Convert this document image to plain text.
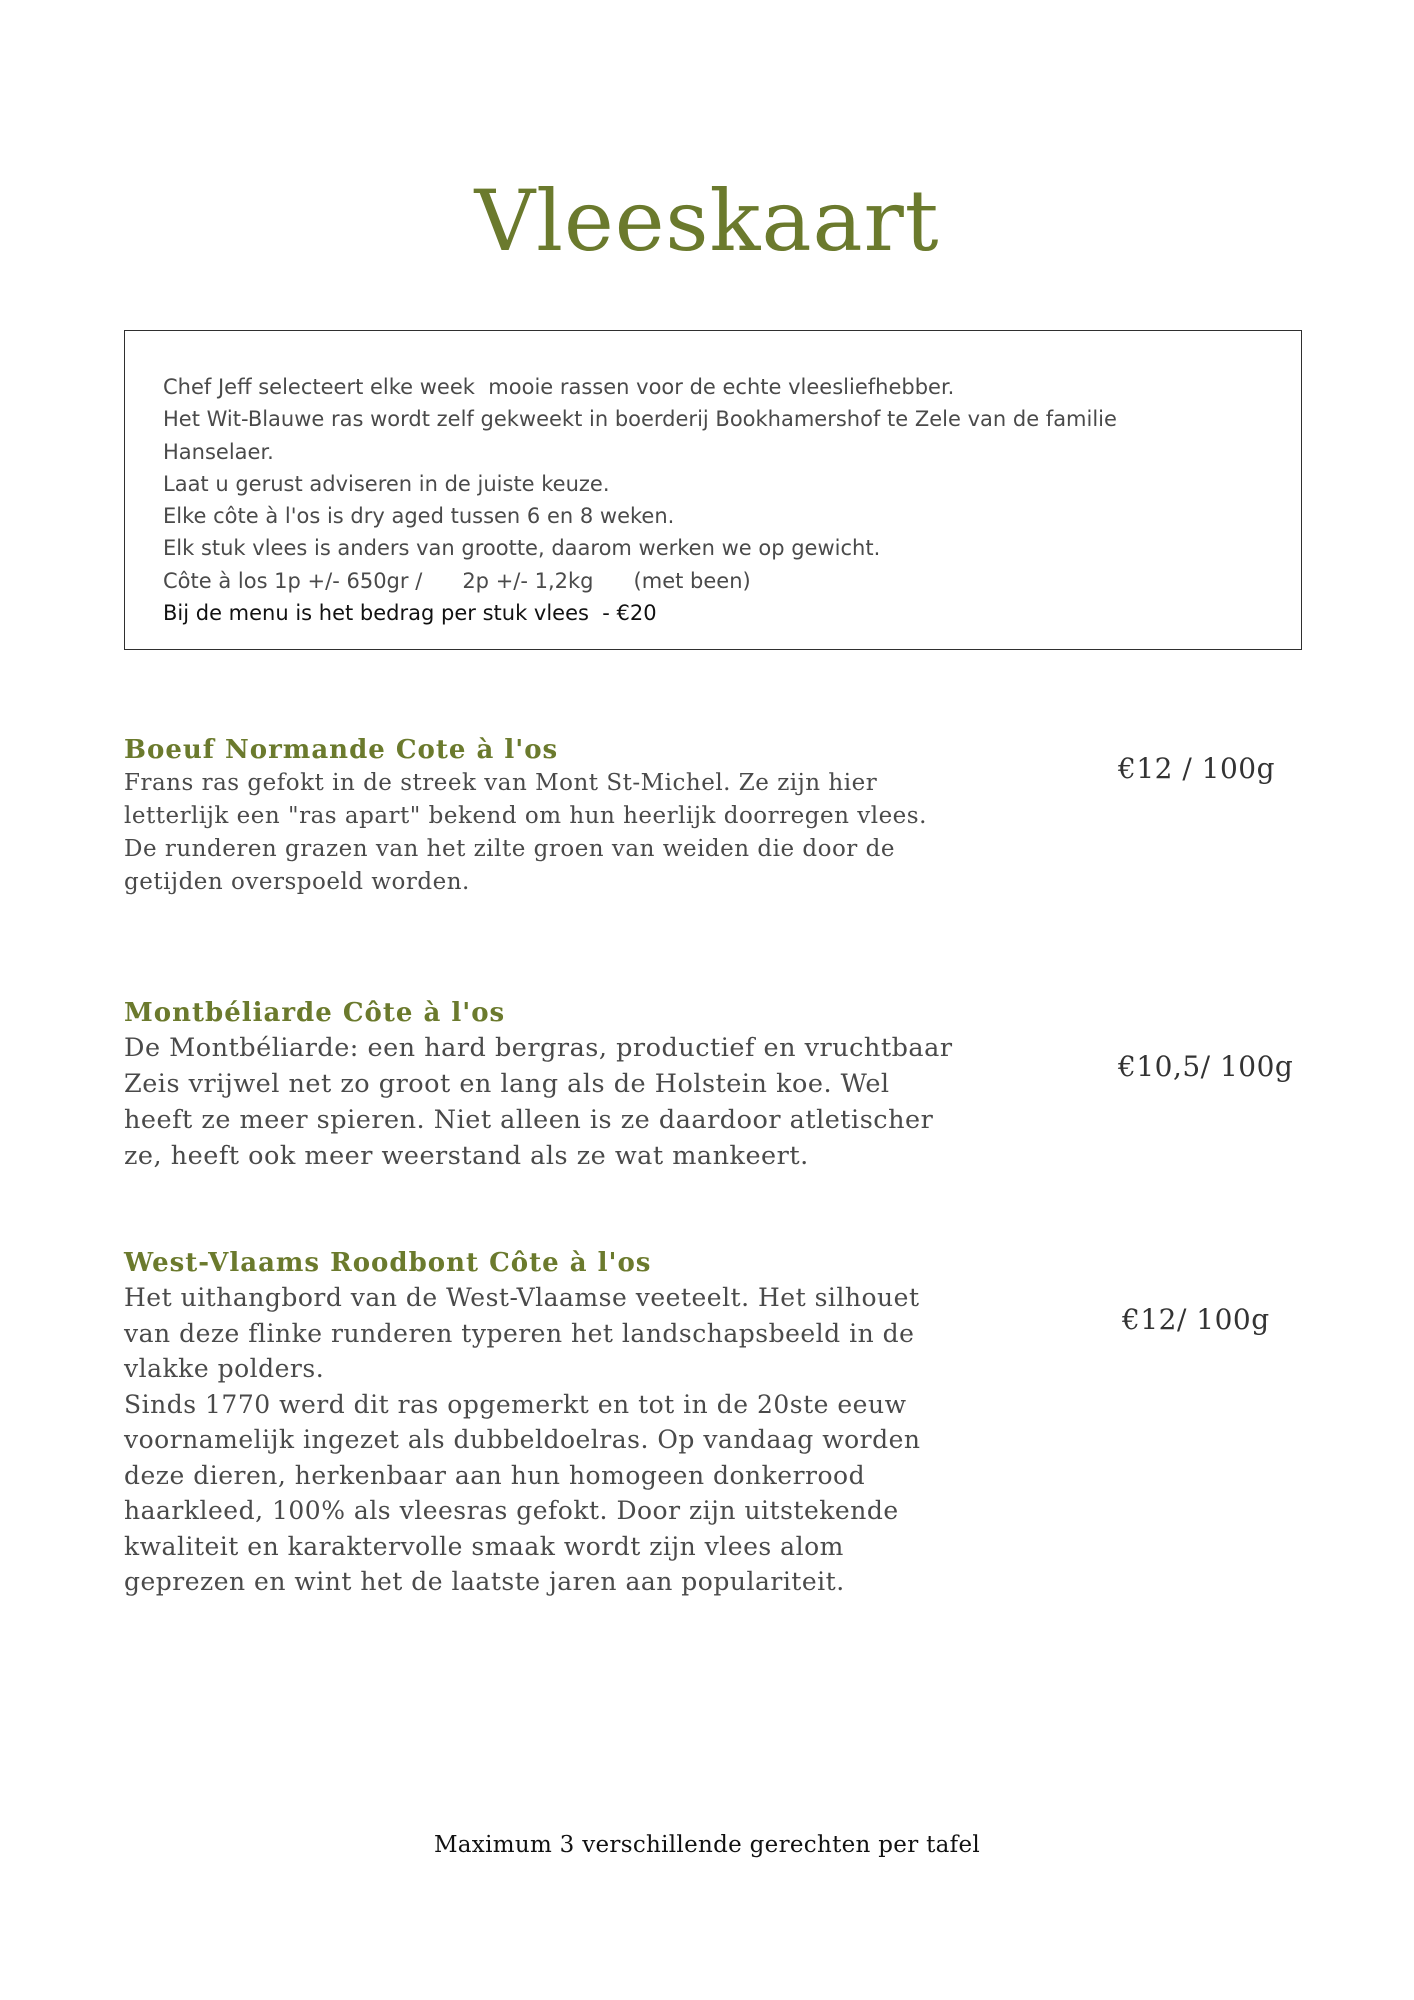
Vleeskaart
Chef Jeff selecteert elke week  mooie rassen voor de echte vleesliefhebber.
Het Wit-Blauwe ras wordt zelf gekweekt in boerderij Bookhamershof te Zele van de familie
Hanselaer.
Laat u gerust adviseren in de juiste keuze.
Elke côte à l'os is dry aged tussen 6 en 8 weken.
Elk stuk vlees is anders van grootte, daarom werken we op gewicht.
Côte à los 1p +/- 650gr /      2p +/- 1,2kg      (met been)
Bij de menu is het bedrag per stuk vlees  - €20
Boeuf Normande Cote à l'os

Frans ras gefokt in de streek van Mont St-Michel. Ze zijn hier
letterlijk een "ras apart" bekend om hun heerlijk doorregen vlees.
De runderen grazen van het zilte groen van weiden die door de
getijden overspoeld worden.

€12 / 100g
Montbéliarde Côte à l'os

De Montbéliarde: een hard bergras, productief en vruchtbaar
Zeis vrijwel net zo groot en lang als de Holstein koe. Wel
heeft ze meer spieren. Niet alleen is ze daardoor atletischer
ze, heeft ook meer weerstand als ze wat mankeert.

€10,5/ 100g
West-Vlaams Roodbont Côte à l'os

Het uithangbord van de West-Vlaamse veeteelt. Het silhouet
van deze flinke runderen typeren het landschapsbeeld in de
vlakke polders.
Sinds 1770 werd dit ras opgemerkt en tot in de 20ste eeuw
voornamelijk ingezet als dubbeldoelras. Op vandaag worden
deze dieren, herkenbaar aan hun homogeen donkerrood
haarkleed, 100% als vleesras gefokt. Door zijn uitstekende
kwaliteit en karaktervolle smaak wordt zijn vlees alom
geprezen en wint het de laatste jaren aan populariteit.

€12/ 100g
Maximum 3 verschillende gerechten per tafel
